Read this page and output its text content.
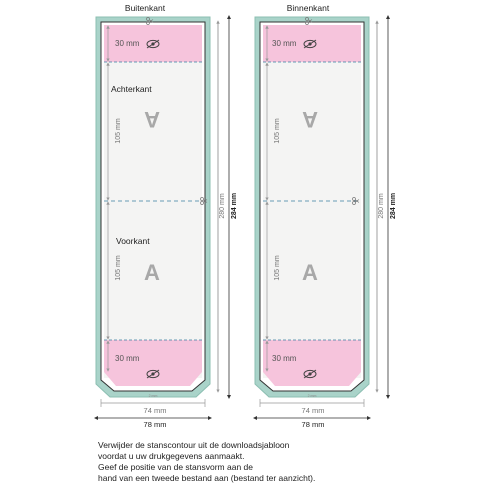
Buitenkant
30 mm
Achterkant
105 mm A
Voorkant
105 mm A
30 mm
2 mm
280 mm 284 mm
74 mm
78 mm
Binnenkant
30 mm
105 mm A
105 mm A
30 mm
2 mm
280 mm 284 mm
74 mm
78 mm
Verwijder de stanscontour uit de downloadsjabloon
voordat u uw drukgegevens aanmaakt.
Geef de positie van de stansvorm aan de
hand van een tweede bestand aan (bestand ter aanzicht).
